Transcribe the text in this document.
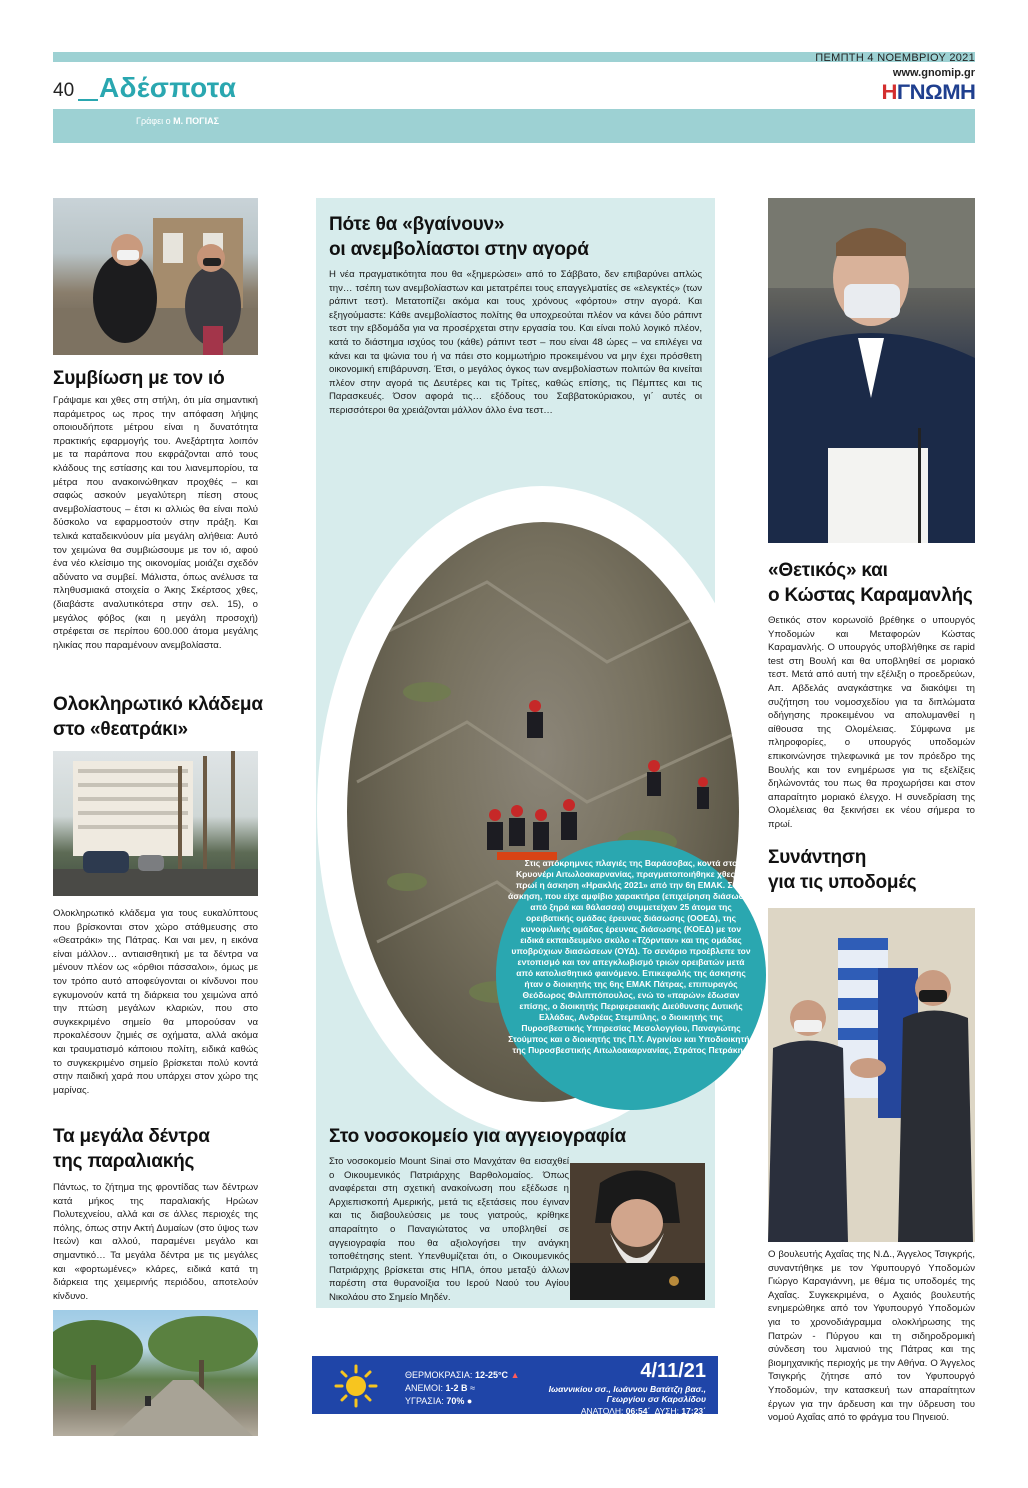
40 Αδέσποτα
ΠΕΜΠΤΗ 4 ΝΟΕΜΒΡΙΟΥ 2021
www.gnomip.gr
ΗΓΝΩΜΗ
Γράφει ο Μ. ΠΟΓΙΑΣ
Συμβίωση με τον ιό
Γράψαμε και χθες στη στήλη, ότι μία σημαντική παράμετρος ως προς την απόφαση λήψης οποιουδήποτε μέτρου είναι η δυνατότητα πρακτικής εφαρμογής του. Ανεξάρτητα λοιπόν με τα παράπονα που εκφράζονται από τους κλάδους της εστίασης και του λιανεμπορίου, τα μέτρα που ανακοινώθηκαν προχθές – και σαφώς ασκούν μεγαλύτερη πίεση στους ανεμβολίαστους – έτσι κι αλλιώς θα είναι πολύ δύσκολο να εφαρμοστούν στην πράξη. Και τελικά καταδεικνύουν μία μεγάλη αλήθεια: Αυτό τον χειμώνα θα συμβιώσουμε με τον ιό, αφού ένα νέο κλείσιμο της οικονομίας μοιάζει σχεδόν αδύνατο να συμβεί. Μάλιστα, όπως ανέλυσε τα πληθυσμιακά στοιχεία ο Άκης Σκέρτσος χθες, (διαβάστε αναλυτικότερα στην σελ. 15), ο μεγάλος φόβος (και η μεγάλη προσοχή) στρέφεται σε περίπου 600.000 άτομα μεγάλης ηλικίας που παραμένουν ανεμβολίαστα.
Ολοκληρωτικό κλάδεμα
στο «θεατράκι»
Ολοκληρωτικό κλάδεμα για τους ευκαλύπτους που βρίσκονται στον χώρο στάθμευσης στο «Θεατράκι» της Πάτρας. Και ναι μεν, η εικόνα είναι μάλλον… αντιαισθητική με τα δέντρα να μένουν πλέον ως «όρθιοι πάσσαλοι», όμως με τον τρόπο αυτό αποφεύγονται οι κίνδυνοι που εγκυμονούν κατά τη διάρκεια του χειμώνα από την πτώση μεγάλων κλαριών, που στο συγκεκριμένο σημείο θα μπορούσαν να προκαλέσουν ζημιές σε οχήματα, αλλά ακόμα και τραυματισμό κάποιου πολίτη, ειδικά καθώς το συγκεκριμένο σημείο βρίσκεται πολύ κοντά στην παιδική χαρά που υπάρχει στον χώρο της μαρίνας.
Τα μεγάλα δέντρα
της παραλιακής
Πάντως, το ζήτημα της φροντίδας των δέντρων κατά μήκος της παραλιακής Ηρώων Πολυτεχνείου, αλλά και σε άλλες περιοχές της πόλης, όπως στην Ακτή Δυμαίων (στο ύψος των Ιτεών) και αλλού, παραμένει μεγάλο και σημαντικό… Τα μεγάλα δέντρα με τις μεγάλες και «φορτωμένες» κλάρες, ειδικά κατά τη διάρκεια της χειμερινής περιόδου, αποτελούν κίνδυνο.
Πότε θα «βγαίνουν»
οι ανεμβολίαστοι στην αγορά
Η νέα πραγματικότητα που θα «ξημερώσει» από το Σάββατο, δεν επιβαρύνει απλώς την… τσέπη των ανεμβολίαστων και μετατρέπει τους επαγγελματίες σε «ελεγκτές» (των ράπιντ τεστ). Μετατοπίζει ακόμα και τους χρόνους «φόρτου» στην αγορά. Και εξηγούμαστε: Κάθε ανεμβολίαστος πολίτης θα υποχρεούται πλέον να κάνει δύο ράπιντ τεστ την εβδομάδα για να προσέρχεται στην εργασία του. Και είναι πολύ λογικό πλέον, κατά το διάστημα ισχύος του (κάθε) ράπιντ τεστ – που είναι 48 ώρες – να επιλέγει να κάνει και τα ψώνια του ή να πάει στο κομμωτήριο προκειμένου να μην έχει πρόσθετη οικονομική επιβάρυνση. Έτσι, ο μεγάλος όγκος των ανεμβολίαστων πολιτών θα κινείται πλέον στην αγορά τις Δευτέρες και τις Τρίτες, καθώς επίσης, τις Πέμπτες και τις Παρασκευές. Όσον αφορά τις… εξόδους του Σαββατοκύριακου, γι΄ αυτές οι περισσότεροι θα χρειάζονται μάλλον άλλο ένα τεστ…
Στις απόκρημνες πλαγιές της Βαράσοβας, κοντά στο Κρυονέρι Αιτωλοακαρνανίας, πραγματοποιήθηκε χθες το πρωί η άσκηση «Ηρακλής 2021» από την 6η ΕΜΑΚ. Στην άσκηση, που είχε αμφίβιο χαρακτήρα (επιχείρηση διάσωσης από ξηρά και θάλασσα) συμμετείχαν 25 άτομα της ορειβατικής ομάδας έρευνας διάσωσης (ΟΟΕΔ), της κυνοφιλικής ομάδας έρευνας διάσωσης (ΚΟΕΔ) με τον ειδικά εκπαιδευμένο σκύλο «Τζόρνταν» και της ομάδας υποβρύχιων διασώσεων (ΟΥΔ). Το σενάριο προέβλεπε τον εντοπισμό και τον απεγκλωβισμό τριών ορειβατών μετά από κατολισθητικό φαινόμενο. Επικεφαλής της άσκησης ήταν ο διοικητής της 6ης ΕΜΑΚ Πάτρας, επιπυραγός Θεόδωρος Φιλιππόπουλος, ενώ το «παρών» έδωσαν επίσης, ο διοικητής Περιφερειακής Διεύθυνσης Δυτικής Ελλάδας, Ανδρέας Στεμπίλης, ο διοικητής της Πυροσβεστικής Υπηρεσίας Μεσολογγίου, Παναγιώτης Στούμπος και ο διοικητής της Π.Υ. Αγρινίου και Υποδιοικητής της Πυροσβεστικής Αιτωλοακαρνανίας, Στράτος Πετράκης.
Στο νοσοκομείο για αγγειογραφία
Στο νοσοκομείο Mount Sinai στο Μανχάταν θα εισαχθεί ο Οικουμενικός Πατριάρχης Βαρθολομαίος. Όπως αναφέρεται στη σχετική ανακοίνωση που εξέδωσε η Αρχιεπισκοπή Αμερικής, μετά τις εξετάσεις που έγιναν και τις διαβουλεύσεις με τους γιατρούς, κρίθηκε απαραίτητο ο Παναγιώτατος να υποβληθεί σε αγγειογραφία που θα αξιολογήσει την ανάγκη τοποθέτησης stent. Υπενθυμίζεται ότι, ο Οικουμενικός Πατριάρχης βρίσκεται στις ΗΠΑ, όπου μεταξύ άλλων παρέστη στα θυρανοίξια του Ιερού Ναού του Αγίου Νικολάου στο Σημείο Μηδέν.
ΘΕΡΜΟΚΡΑΣΙΑ: 12-25°C ▲
ΑΝΕΜΟΙ: 1-2 Β ≈
ΥΓΡΑΣΙΑ: 70% ●
4/11/21
Ιωαννικίου σσ., Ιωάννου Βατάτζη βασ.,
Γεωργίου σσ Καρσλίδου
ΑΝΑΤΟΛΗ: 06:54΄ ΔΥΣΗ: 17:23΄
«Θετικός» και
ο Κώστας Καραμανλής
Θετικός στον κορωνοϊό βρέθηκε ο υπουργός Υποδομών και Μεταφορών Κώστας Καραμανλής. Ο υπουργός υποβλήθηκε σε rapid test στη Βουλή και θα υποβληθεί σε μοριακό τεστ. Μετά από αυτή την εξέλιξη ο προεδρεύων, Απ. Αβδελάς αναγκάστηκε να διακόψει τη συζήτηση του νομοσχεδίου για τα διπλώματα οδήγησης προκειμένου να απολυμανθεί η αίθουσα της Ολομέλειας. Σύμφωνα με πληροφορίες, ο υπουργός υποδομών επικοινώνησε τηλεφωνικά με τον πρόεδρο της Βουλής και τον ενημέρωσε για τις εξελίξεις δηλώνοντάς του πως θα προχωρήσει και στον απαραίτητο μοριακό έλεγχο. Η συνεδρίαση της Ολομέλειας θα ξεκινήσει εκ νέου σήμερα το πρωί.
Συνάντηση
για τις υποδομές
Ο βουλευτής Αχαΐας της Ν.Δ., Άγγελος Τσιγκρής, συναντήθηκε με τον Υφυπουργό Υποδομών Γιώργο Καραγιάννη, με θέμα τις υποδομές της Αχαΐας. Συγκεκριμένα, ο Αχαιός βουλευτής ενημερώθηκε από τον Υφυπουργό Υποδομών για το χρονοδιάγραμμα ολοκλήρωσης της Πατρών - Πύργου και τη σιδηροδρομική σύνδεση του λιμανιού της Πάτρας και της βιομηχανικής περιοχής με την Αθήνα. Ο Άγγελος Τσιγκρής ζήτησε από τον Υφυπουργό Υποδομών, την κατασκευή των απαραίτητων έργων για την άρδευση και την ύδρευση του νομού Αχαΐας από το φράγμα του Πηνειού.
